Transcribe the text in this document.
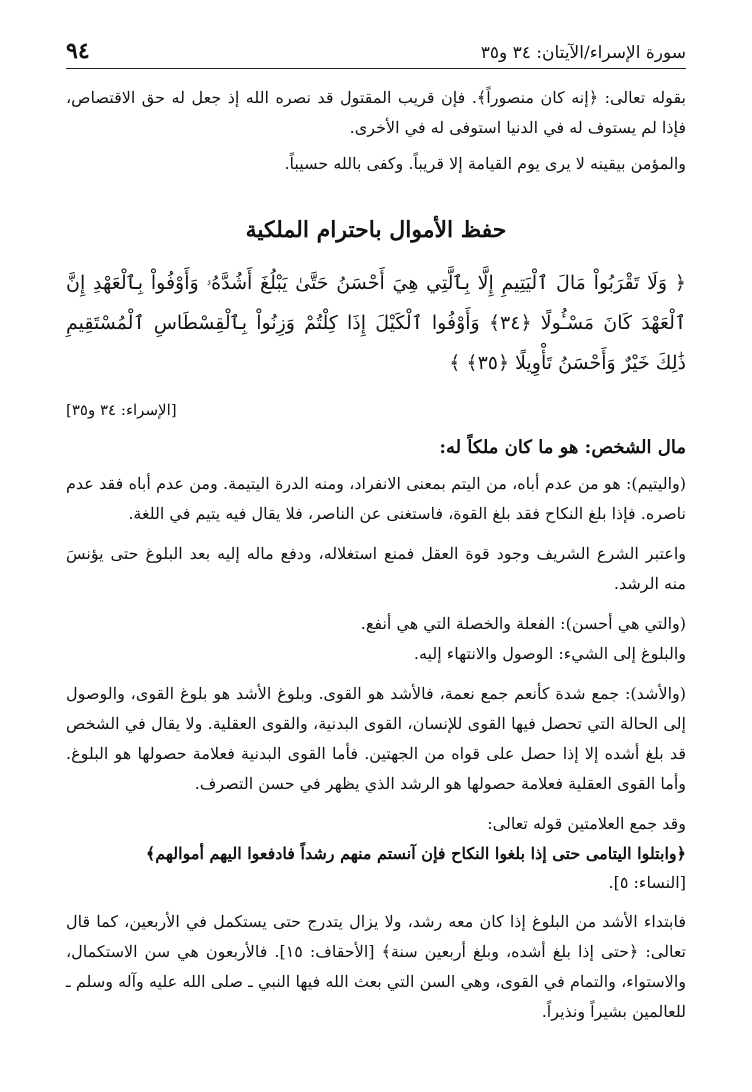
سورة الإسراء/الآيتان: ٣٤ و٣٥
٩٤

بقوله تعالى: ﴿إنه كان منصوراً﴾. فإن قريب المقتول قد نصره الله إذ جعل له حق الاقتصاص، فإذا لم يستوف له في الدنيا استوفى له في الأخرى.

والمؤمن بيقينه لا يرى يوم القيامة إلا قريباً. وكفى بالله حسيباً.

حفظ الأموال باحترام الملكية

﴿ وَلَا تَقْرَبُواْ مَالَ ٱلْيَتِيمِ إِلَّا بِٱلَّتِي هِيَ أَحْسَنُ حَتَّىٰ يَبْلُغَ أَشُدَّهُۥ وَأَوْفُواْ بِٱلْعَهْدِ إِنَّ ٱلْعَهْدَ كَانَ مَسْـُٔولًا ﴿٣٤﴾ وَأَوْفُوا ٱلْكَيْلَ إِذَا كِلْتُمْ وَزِنُواْ بِٱلْقِسْطَاسِ ٱلْمُسْتَقِيمِ ذَٰلِكَ خَيْرٌ وَأَحْسَنُ تَأْوِيلًا ﴿٣٥﴾ ﴾

[الإسراء: ٣٤ و٣٥]

مال الشخص: هو ما كان ملكاً له:

(واليتيم): هو من عدم أباه، من اليتم بمعنى الانفراد، ومنه الدرة اليتيمة. ومن عدم أباه فقد عدم ناصره. فإذا بلغ النكاح فقد بلغ القوة، فاستغنى عن الناصر، فلا يقال فيه يتيم في اللغة.

واعتبر الشرع الشريف وجود قوة العقل فمنع استغلاله، ودفع ماله إليه بعد البلوغ حتى يؤنسَ منه الرشد.

(والتي هي أحسن): الفعلة والخصلة التي هي أنفع.
والبلوغ إلى الشيء: الوصول والانتهاء إليه.

(والأشد): جمع شدة كأنعم جمع نعمة، فالأشد هو القوى. وبلوغ الأشد هو بلوغ القوى، والوصول إلى الحالة التي تحصل فيها القوى للإنسان، القوى البدنية، والقوى العقلية. ولا يقال في الشخص قد بلغ أشده إلا إذا حصل على قواه من الجهتين. فأما القوى البدنية فعلامة حصولها هو البلوغ. وأما القوى العقلية فعلامة حصولها هو الرشد الذي يظهر في حسن التصرف.

وقد جمع العلامتين قوله تعالى:

﴿وابتلوا اليتامى حتى إذا بلغوا النكاح فإن آنستم منهم رشداً فادفعوا اليهم أموالهم﴾

[النساء: ٥].

فابتداء الأشد من البلوغ إذا كان معه رشد، ولا يزال يتدرج حتى يستكمل في الأربعين، كما قال تعالى: ﴿حتى إذا بلغ أشده، وبلغ أربعين سنة﴾ [الأحقاف: ١٥]. فالأربعون هي سن الاستكمال، والاستواء، والتمام في القوى، وهي السن التي بعث الله فيها النبي ـ صلى الله عليه وآله وسلم ـ للعالمين بشيراً ونذيراً.
